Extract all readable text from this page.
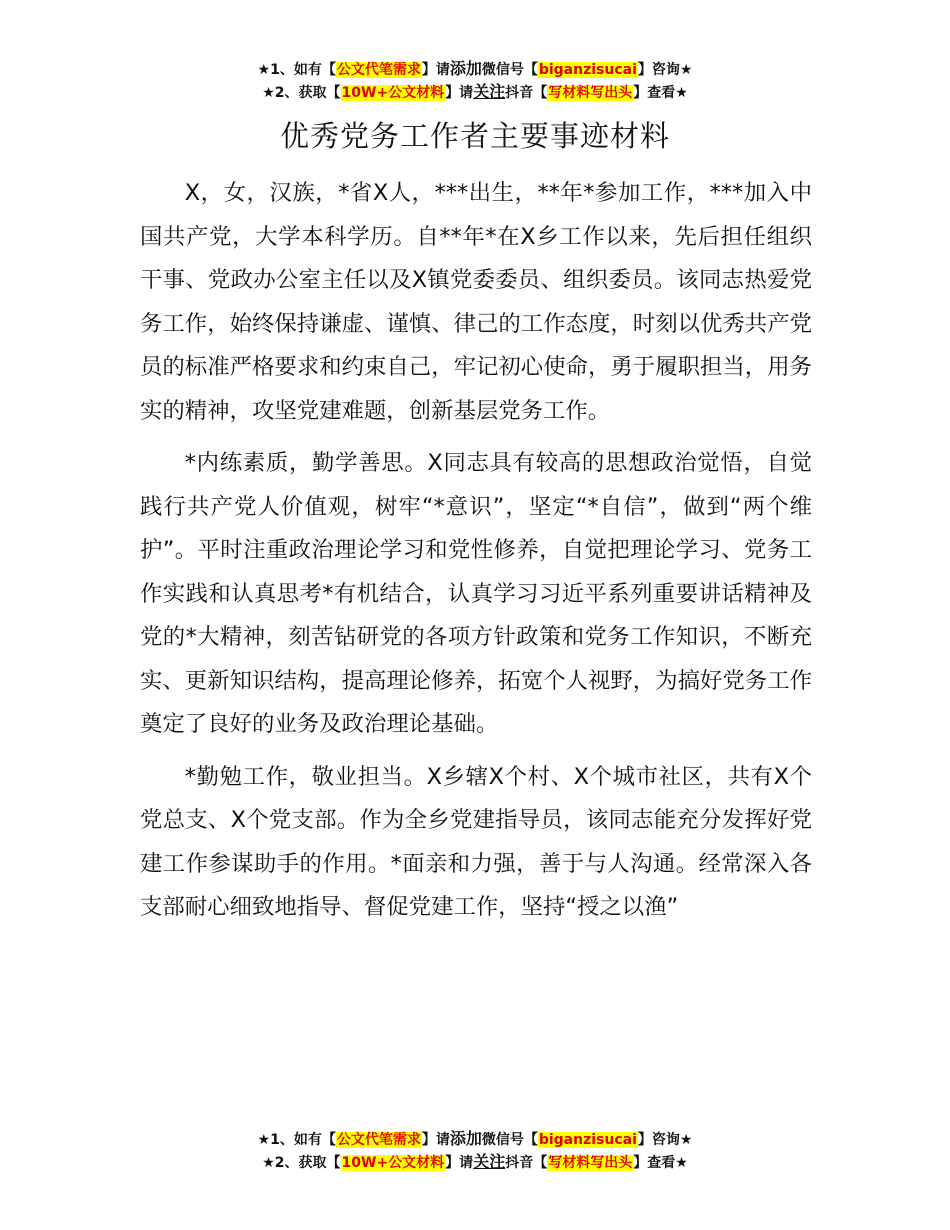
★1、如有【公文代笔需求】请添加微信号【biganzisucai】咨询★
★2、获取【10W+公文材料】请关注抖音【写材料写出头】查看★
优秀党务工作者主要事迹材料

X，女，汉族，*省X人，***出生，**年*参加工作，***加入中国共产党，大学本科学历。自**年*在X乡工作以来，先后担任组织干事、党政办公室主任以及X镇党委委员、组织委员。该同志热爱党务工作，始终保持谦虚、谨慎、律己的工作态度，时刻以优秀共产党员的标准严格要求和约束自己，牢记初心使命，勇于履职担当，用务实的精神，攻坚党建难题，创新基层党务工作。

*内练素质，勤学善思。X同志具有较高的思想政治觉悟，自觉践行共产党人价值观，树牢“*意识”，坚定“*自信”，做到“两个维护”。平时注重政治理论学习和党性修养，自觉把理论学习、党务工作实践和认真思考*有机结合，认真学习习近平系列重要讲话精神及党的*大精神，刻苦钻研党的各项方针政策和党务工作知识，不断充实、更新知识结构，提高理论修养，拓宽个人视野，为搞好党务工作奠定了良好的业务及政治理论基础。

*勤勉工作，敬业担当。X乡辖X个村、X个城市社区，共有X个党总支、X个党支部。作为全乡党建指导员，该同志能充分发挥好党建工作参谋助手的作用。*面亲和力强，善于与人沟通。经常深入各支部耐心细致地指导、督促党建工作，坚持“授之以渔”

★1、如有【公文代笔需求】请添加微信号【biganzisucai】咨询★
★2、获取【10W+公文材料】请关注抖音【写材料写出头】查看★
